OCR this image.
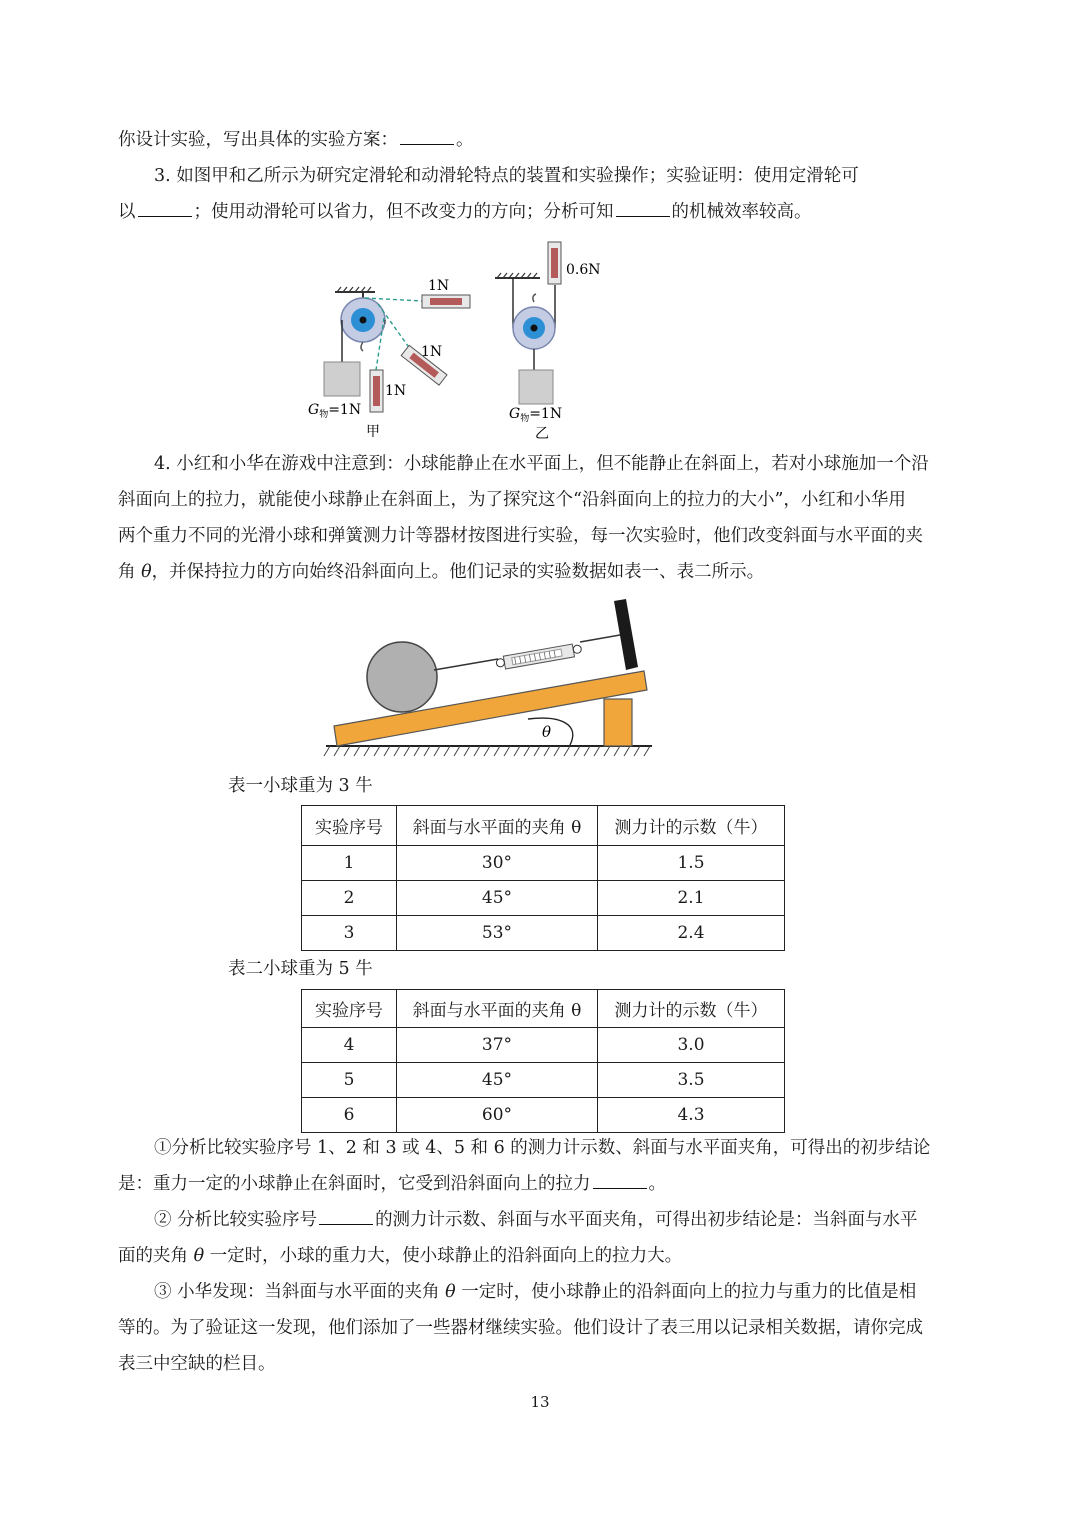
你设计实验，写出具体的实验方案：	。

3. 如图甲和乙所示为研究定滑轮和动滑轮特点的装置和实验操作；实验证明：使用定滑轮可

以	；使用动滑轮可以省力，但不改变力的方向；分析可知	的机械效率较高。

$G_物=1N$
1N
1N
1N
甲
0.6N
$G_物=1N$
乙

4. 小红和小华在游戏中注意到：小球能静止在水平面上，但不能静止在斜面上，若对小球施加一个沿

斜面向上的拉力，就能使小球静止在斜面上，为了探究这个“沿斜面向上的拉力的大小”，小红和小华用

两个重力不同的光滑小球和弹簧测力计等器材按图进行实验，每一次实验时，他们改变斜面与水平面的夹

角 θ，并保持拉力的方向始终沿斜面向上。他们记录的实验数据如表一、表二所示。

θ
表一小球重为 3 牛
实验序号	斜面与水平面的夹角 θ	测力计的示数（牛）
1	30°	1.5
2	45°	2.1
3	53°	2.4
表二小球重为 5 牛
实验序号	斜面与水平面的夹角 θ	测力计的示数（牛）
4	37°	3.0
5	45°	3.5
6	60°	4.3

①分析比较实验序号 1、2 和 3 或 4、5 和 6 的测力计示数、斜面与水平面夹角，可得出的初步结论

是：重力一定的小球静止在斜面时，它受到沿斜面向上的拉力	。

② 分析比较实验序号	的测力计示数、斜面与水平面夹角，可得出初步结论是：当斜面与水平

面的夹角 θ 一定时，小球的重力大，使小球静止的沿斜面向上的拉力大。

③ 小华发现：当斜面与水平面的夹角 θ 一定时，使小球静止的沿斜面向上的拉力与重力的比值是相

等的。为了验证这一发现，他们添加了一些器材继续实验。他们设计了表三用以记录相关数据，请你完成

表三中空缺的栏目。

13
